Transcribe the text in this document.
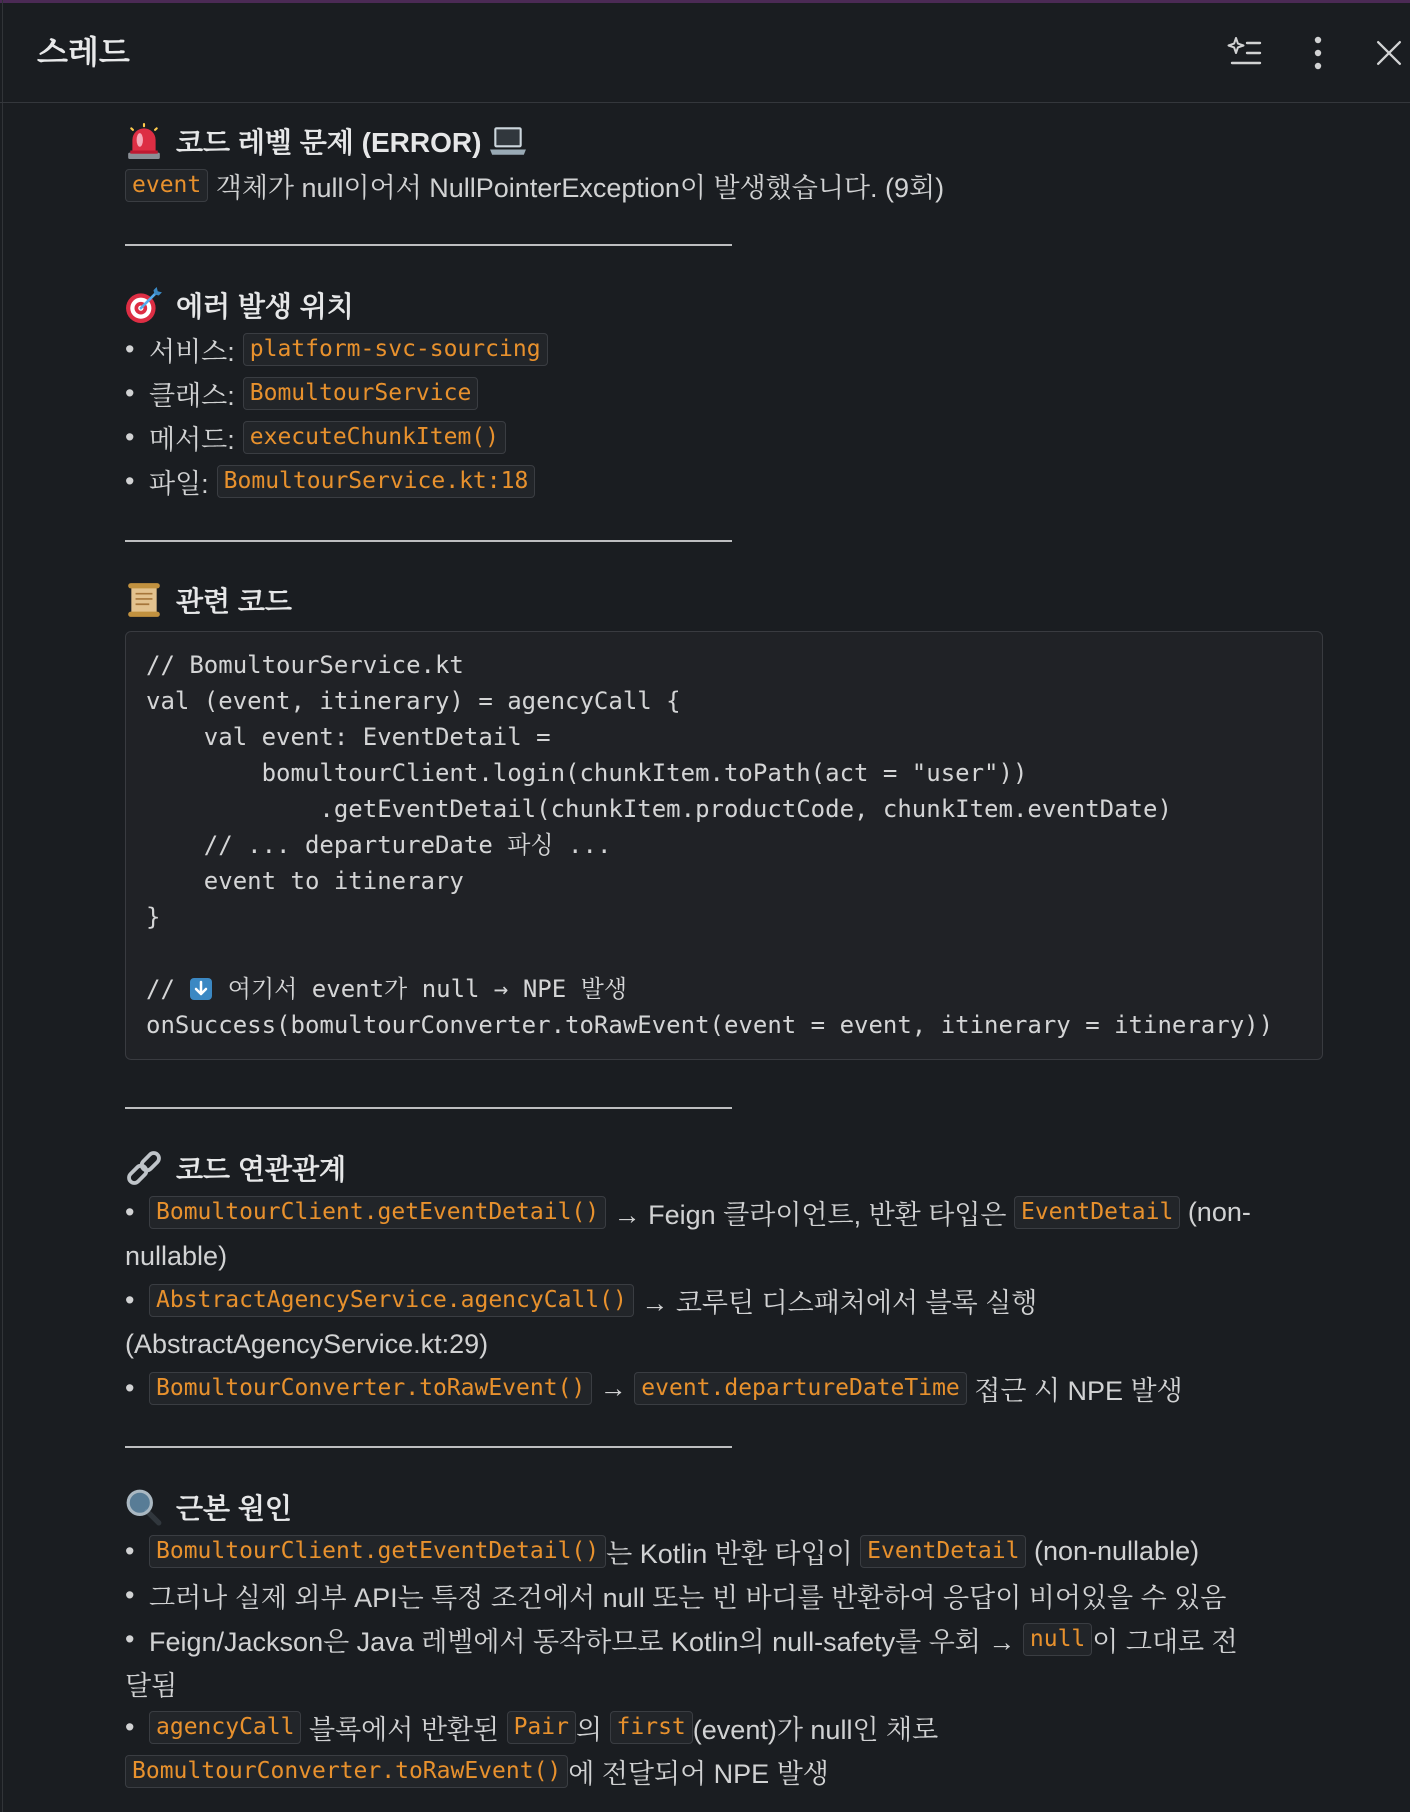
스레드
코드 레벨 문제 (ERROR)
event 객체가 null이어서 NullPointerException이 발생했습니다. (9회)
에러 발생 위치
• 서비스: platform-svc-sourcing
• 클래스: BomultourService
• 메서드: executeChunkItem()
• 파일: BomultourService.kt:18
관련 코드
// BomultourService.kt
val (event, itinerary) = agencyCall {
val event: EventDetail =
bomultourClient.login(chunkItem.toPath(act = "user"))
.getEventDetail(chunkItem.productCode, chunkItem.eventDate)
// ... departureDate 파싱 ...
event to itinerary
}
// 여기서 event가 null → NPE 발생
onSuccess(bomultourConverter.toRawEvent(event = event, itinerary = itinerary))
코드 연관관계
• BomultourClient.getEventDetail() → Feign 클라이언트, 반환 타입은 EventDetail (non-
nullable)
• AbstractAgencyService.agencyCall() → 코루틴 디스패처에서 블록 실행
(AbstractAgencyService.kt:29)
• BomultourConverter.toRawEvent() → event.departureDateTime 접근 시 NPE 발생
근본 원인
• BomultourClient.getEventDetail() 는 Kotlin 반환 타입이 EventDetail (non-nullable)
• 그러나 실제 외부 API는 특정 조건에서 null 또는 빈 바디를 반환하여 응답이 비어있을 수 있음
• Feign/Jackson은 Java 레벨에서 동작하므로 Kotlin의 null-safety를 우회 → null 이 그대로 전
달됨
• agencyCall 블록에서 반환된 Pair 의 first (event)가 null인 채로
BomultourConverter.toRawEvent() 에 전달되어 NPE 발생
